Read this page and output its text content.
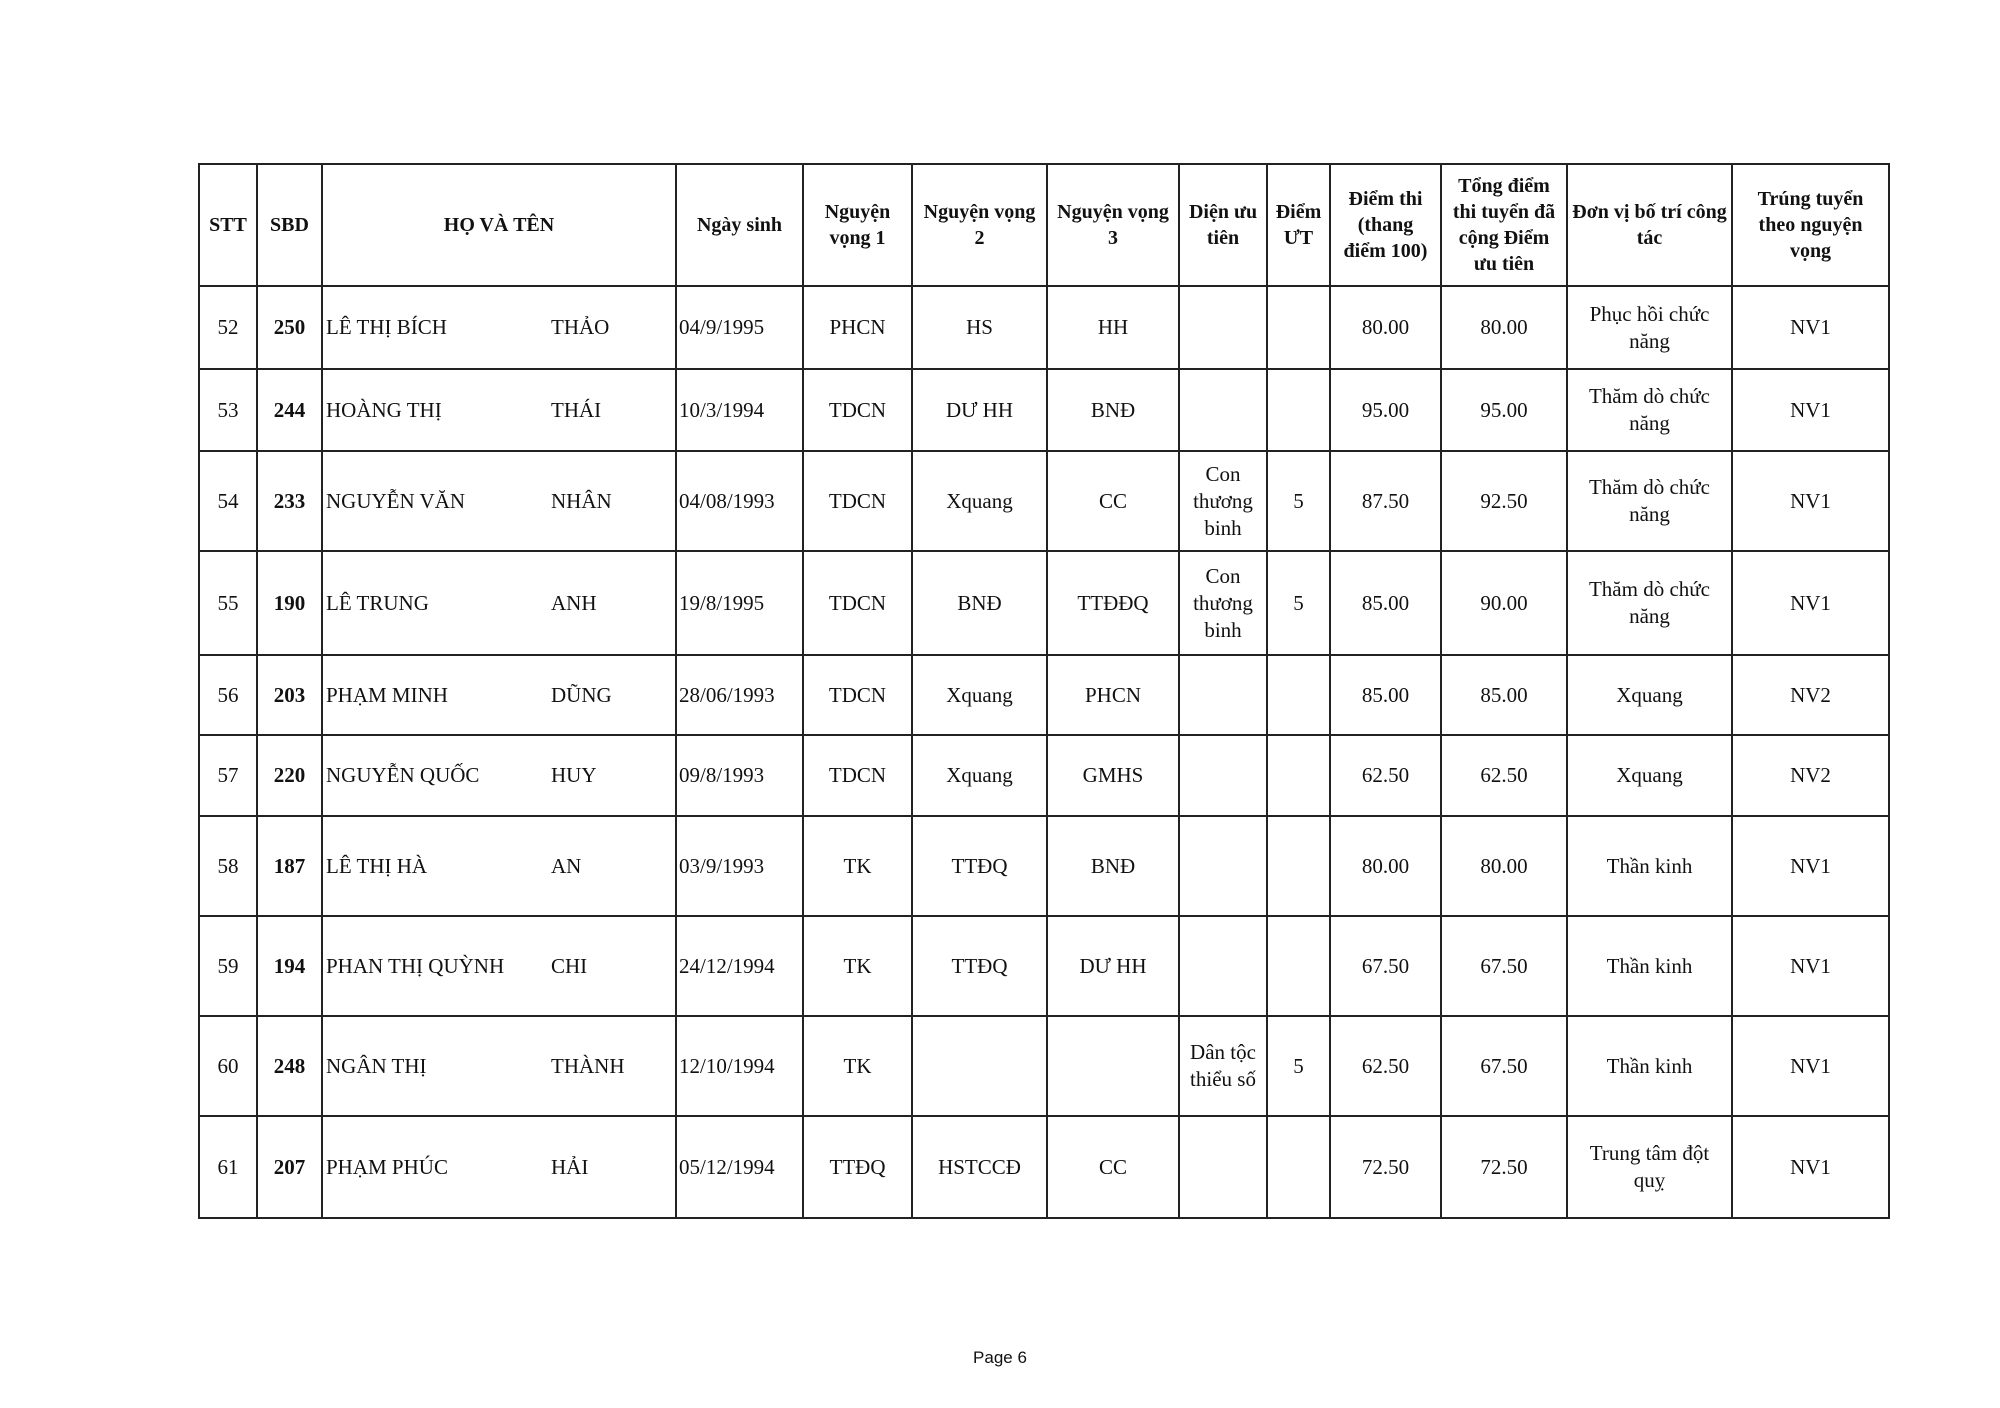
STT	SBD	HỌ VÀ TÊN	Ngày sinh	Nguyện vọng 1	Nguyện vọng 2	Nguyện vọng 3	Diện ưu tiên	Điểm ƯT	Điểm thi (thang điểm 100)	Tổng điểm thi tuyển đã cộng Điểm ưu tiên	Đơn vị bố trí công tác	Trúng tuyển theo nguyện vọng
52	250	LÊ THỊ BÍCH THẢO	04/9/1995	PHCN	HS	HH			80.00	80.00	Phục hồi chức năng	NV1
53	244	HOÀNG THỊ THÁI	10/3/1994	TDCN	DƯ HH	BNĐ			95.00	95.00	Thăm dò chức năng	NV1
54	233	NGUYỄN VĂN NHÂN	04/08/1993	TDCN	Xquang	CC	Con thương binh	5	87.50	92.50	Thăm dò chức năng	NV1
55	190	LÊ TRUNG ANH	19/8/1995	TDCN	BNĐ	TTĐĐQ	Con thương binh	5	85.00	90.00	Thăm dò chức năng	NV1
56	203	PHẠM MINH DŨNG	28/06/1993	TDCN	Xquang	PHCN			85.00	85.00	Xquang	NV2
57	220	NGUYỄN QUỐC HUY	09/8/1993	TDCN	Xquang	GMHS			62.50	62.50	Xquang	NV2
58	187	LÊ THỊ HÀ AN	03/9/1993	TK	TTĐQ	BNĐ			80.00	80.00	Thần kinh	NV1
59	194	PHAN THỊ QUỲNH CHI	24/12/1994	TK	TTĐQ	DƯ HH			67.50	67.50	Thần kinh	NV1
60	248	NGÂN THỊ THÀNH	12/10/1994	TK			Dân tộc thiểu số	5	62.50	67.50	Thần kinh	NV1
61	207	PHẠM PHÚC HẢI	05/12/1994	TTĐQ	HSTCCĐ	CC			72.50	72.50	Trung tâm đột quỵ	NV1
Page 6
